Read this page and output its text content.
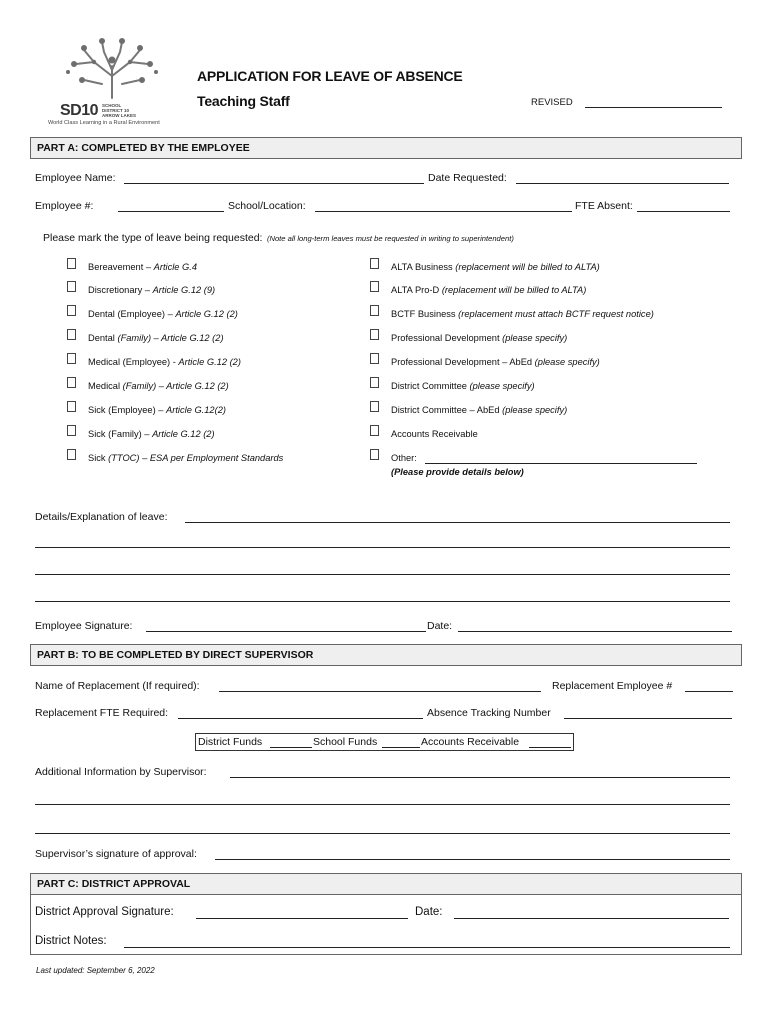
SD10 SCHOOL
DISTRICT 10
ARROW LAKES
World Class Learning in a Rural Environment
APPLICATION FOR LEAVE OF ABSENCE
Teaching Staff	REVISED
PART A: COMPLETED BY THE EMPLOYEE
Employee Name:	Date Requested:
Employee #:	School/Location:	FTE Absent:
Please mark the type of leave being requested: (Note all long-term leaves must be requested in writing to superintendent)
Bereavement – Article G.4
Discretionary – Article G.12 (9)
Dental (Employee) – Article G.12 (2)
Dental (Family) – Article G.12 (2)
Medical (Employee) - Article G.12 (2)
Medical (Family) – Article G.12 (2)
Sick (Employee) – Article G.12(2)
Sick (Family) – Article G.12 (2)
Sick (TTOC) – ESA per Employment Standards
ALTA Business (replacement will be billed to ALTA)
ALTA Pro-D (replacement will be billed to ALTA)
BCTF Business (replacement must attach BCTF request notice)
Professional Development (please specify)
Professional Development – AbEd (please specify)
District Committee (please specify)
District Committee – AbEd (please specify)
Accounts Receivable
Other:
(Please provide details below)
Details/Explanation of leave:
Employee Signature:	Date:
PART B: TO BE COMPLETED BY DIRECT SUPERVISOR
Name of Replacement (If required):	Replacement Employee #
Replacement FTE Required:	Absence Tracking Number
District Funds	School Funds	Accounts Receivable
Additional Information by Supervisor:
Supervisor’s signature of approval:
PART C: DISTRICT APPROVAL
District Approval Signature:	Date:
District Notes:
Last updated: September 6, 2022
